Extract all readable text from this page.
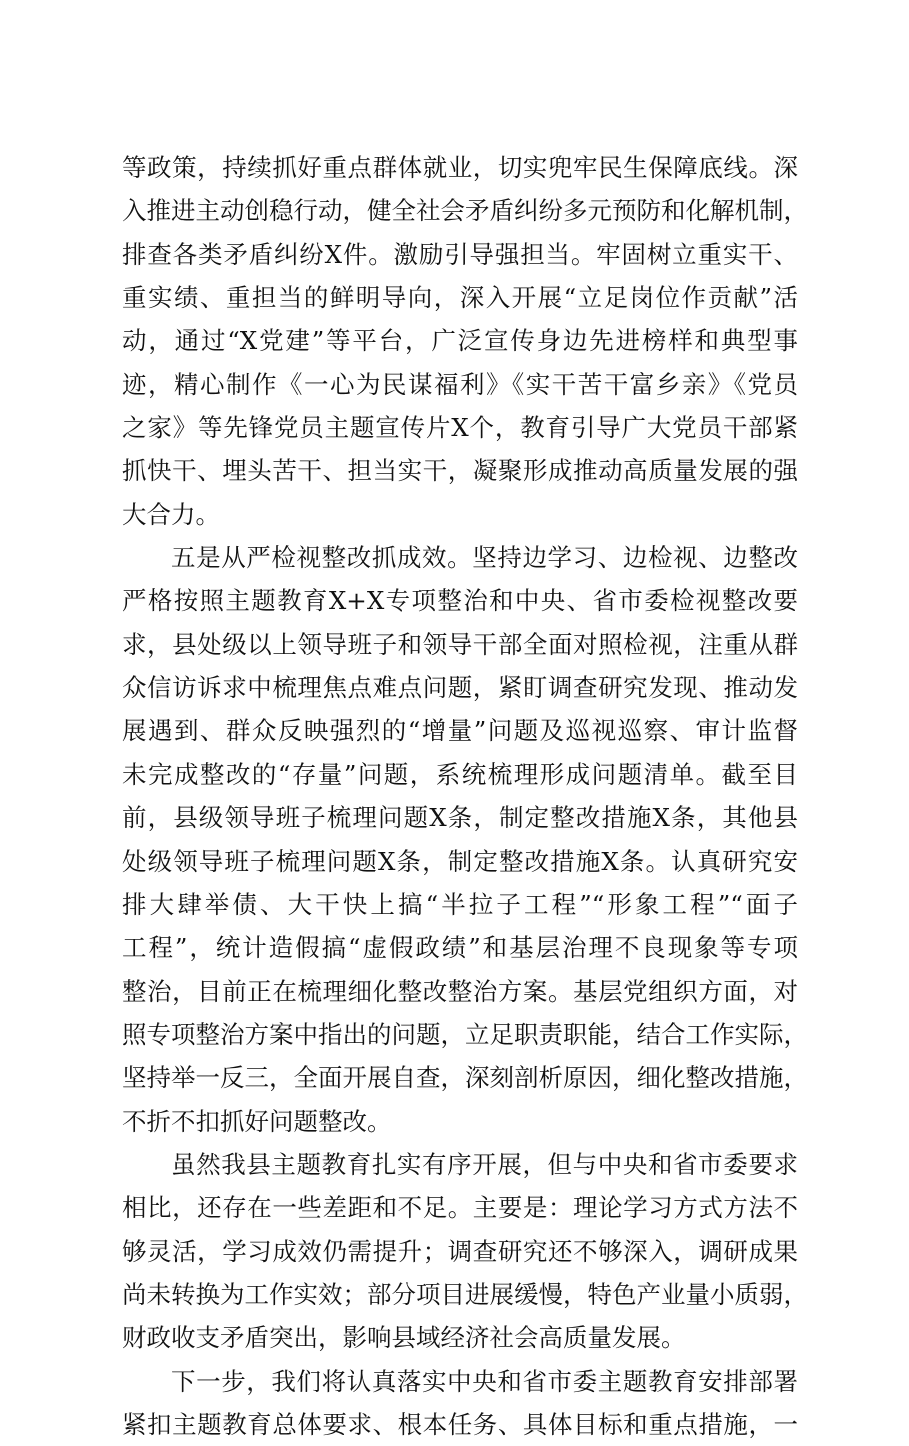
等政策，持续抓好重点群体就业，切实兜牢民生保障底线。深
入推进主动创稳行动，健全社会矛盾纠纷多元预防和化解机制，
排查各类矛盾纠纷X件。激励引导强担当。牢固树立重实干、
重实绩、重担当的鲜明导向，深入开展“立足岗位作贡献”活
动，通过“X党建”等平台，广泛宣传身边先进榜样和典型事
迹，精心制作《一心为民谋福利》《实干苦干富乡亲》《党员
之家》等先锋党员主题宣传片X个，教育引导广大党员干部紧
抓快干、埋头苦干、担当实干，凝聚形成推动高质量发展的强
大合力。
五是从严检视整改抓成效。坚持边学习、边检视、边整改
严格按照主题教育X+X专项整治和中央、省市委检视整改要
求，县处级以上领导班子和领导干部全面对照检视，注重从群
众信访诉求中梳理焦点难点问题，紧盯调查研究发现、推动发
展遇到、群众反映强烈的“增量”问题及巡视巡察、审计监督
未完成整改的“存量”问题，系统梳理形成问题清单。截至目
前，县级领导班子梳理问题X条，制定整改措施X条，其他县
处级领导班子梳理问题X条，制定整改措施X条。认真研究安
排大肆举债、大干快上搞“半拉子工程”“形象工程”“面子
工程”，统计造假搞“虚假政绩”和基层治理不良现象等专项
整治，目前正在梳理细化整改整治方案。基层党组织方面，对
照专项整治方案中指出的问题，立足职责职能，结合工作实际，
坚持举一反三，全面开展自查，深刻剖析原因，细化整改措施，
不折不扣抓好问题整改。
虽然我县主题教育扎实有序开展，但与中央和省市委要求
相比，还存在一些差距和不足。主要是：理论学习方式方法不
够灵活，学习成效仍需提升；调查研究还不够深入，调研成果
尚未转换为工作实效；部分项目进展缓慢，特色产业量小质弱，
财政收支矛盾突出，影响县域经济社会高质量发展。
下一步，我们将认真落实中央和省市委主题教育安排部署
紧扣主题教育总体要求、根本任务、具体目标和重点措施，一
